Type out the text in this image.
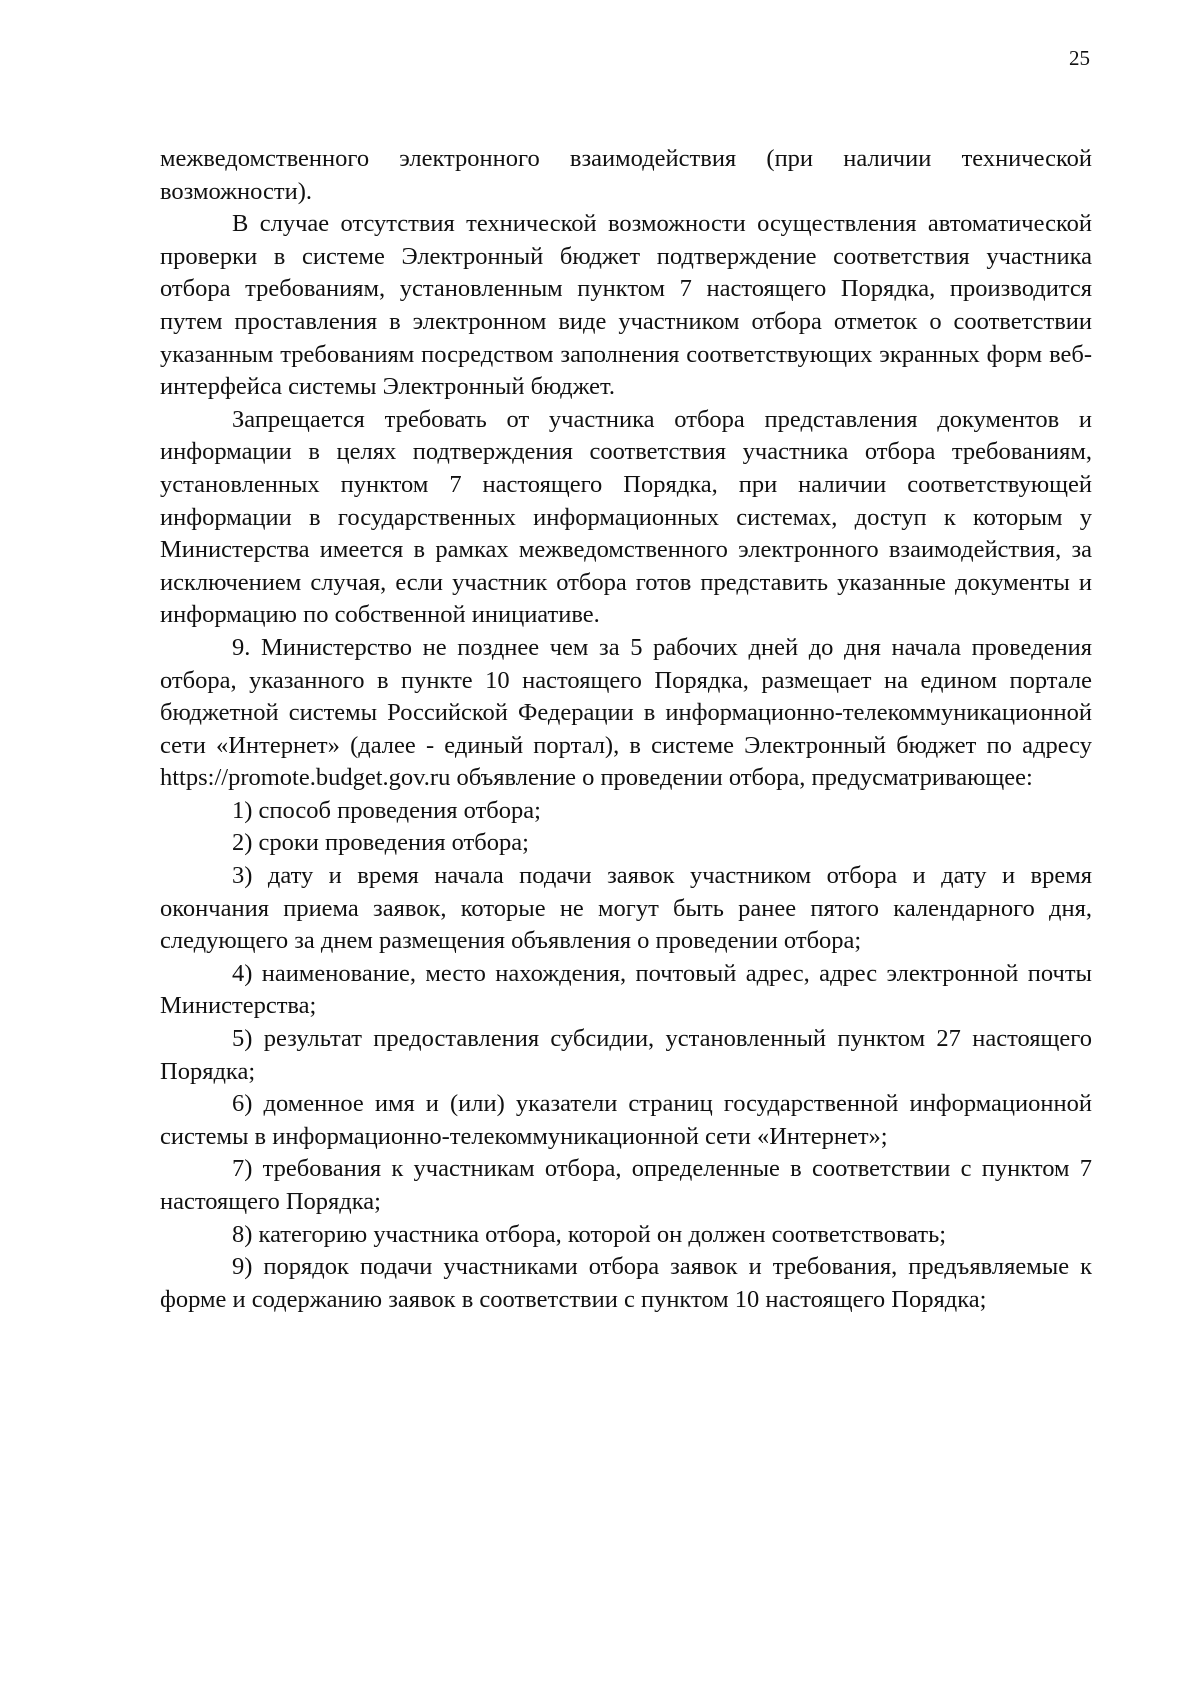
25

межведомственного электронного взаимодействия (при наличии технической возможности).

В случае отсутствия технической возможности осуществления автоматической проверки в системе Электронный бюджет подтверждение соответствия участника отбора требованиям, установленным пунктом 7 настоящего Порядка, производится путем проставления в электронном виде участником отбора отметок о соответствии указанным требованиям посредством заполнения соответствующих экранных форм веб-интерфейса системы Электронный бюджет.

Запрещается требовать от участника отбора представления документов и информации в целях подтверждения соответствия участника отбора требованиям, установленных пунктом 7 настоящего Порядка, при наличии соответствующей информации в государственных информационных системах, доступ к которым у Министерства имеется в рамках межведомственного электронного взаимодействия, за исключением случая, если участник отбора готов представить указанные документы и информацию по собственной инициативе.

9. Министерство не позднее чем за 5 рабочих дней до дня начала проведения отбора, указанного в пункте 10 настоящего Порядка, размещает на едином портале бюджетной системы Российской Федерации в информационно-телекоммуникационной сети «Интернет» (далее - единый портал), в системе Электронный бюджет по адресу https://promote.budget.gov.ru объявление о проведении отбора, предусматривающее:

1) способ проведения отбора;

2) сроки проведения отбора;

3) дату и время начала подачи заявок участником отбора и дату и время окончания приема заявок, которые не могут быть ранее пятого календарного дня, следующего за днем размещения объявления о проведении отбора;

4) наименование, место нахождения, почтовый адрес, адрес электронной почты Министерства;

5) результат предоставления субсидии, установленный пунктом 27 настоящего Порядка;

6) доменное имя и (или) указатели страниц государственной информационной системы в информационно-телекоммуникационной сети «Интернет»;

7) требования к участникам отбора, определенные в соответствии с пунктом 7 настоящего Порядка;

8) категорию участника отбора, которой он должен соответствовать;

9) порядок подачи участниками отбора заявок и требования, предъявляемые к форме и содержанию заявок в соответствии с пунктом 10 настоящего Порядка;
